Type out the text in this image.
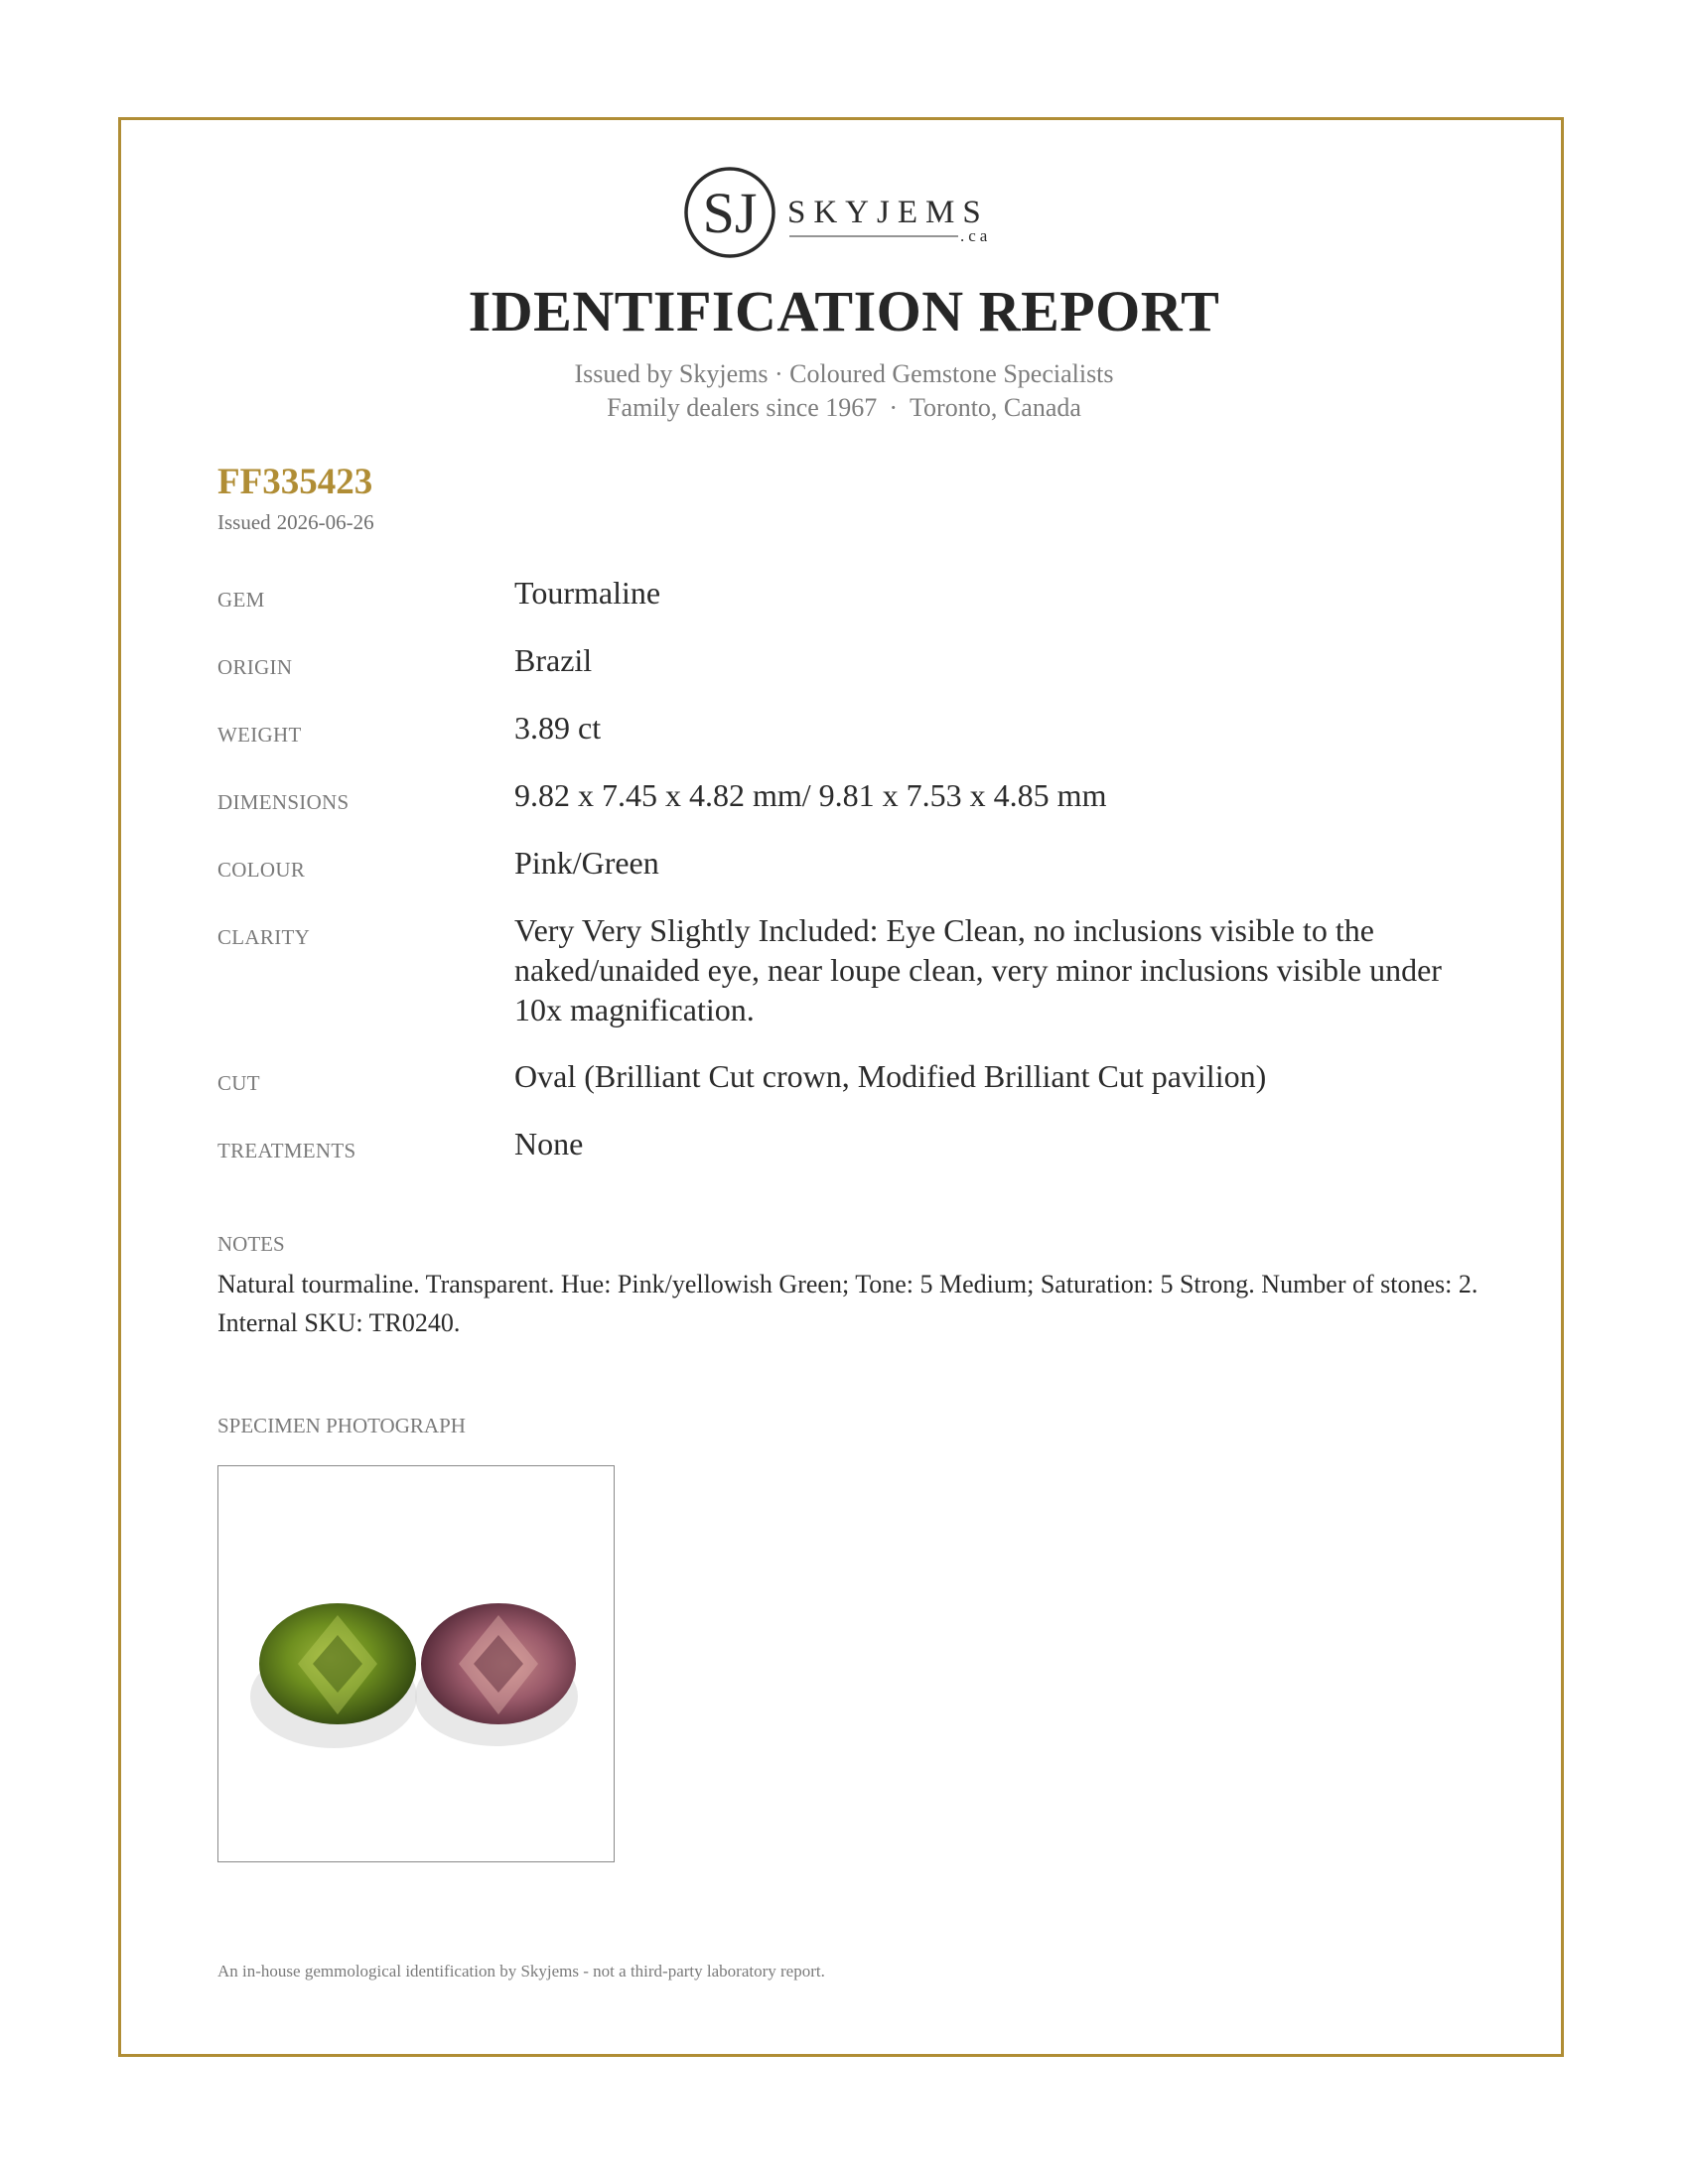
SJ SKYJEMS
.ca
IDENTIFICATION REPORT
Issued by Skyjems · Coloured Gemstone Specialists
Family dealers since 1967 · Toronto, Canada
FF335423
Issued 2026-06-26
GEM	Tourmaline
ORIGIN	Brazil
WEIGHT	3.89 ct
DIMENSIONS	9.82 x 7.45 x 4.82 mm/ 9.81 x 7.53 x 4.85 mm
COLOUR	Pink/Green
CLARITY	Very Very Slightly Included: Eye Clean, no inclusions visible to the naked/unaided eye, near loupe clean, very minor inclusions visible under 10x magnification.
CUT	Oval (Brilliant Cut crown, Modified Brilliant Cut pavilion)
TREATMENTS	None
NOTES
Natural tourmaline. Transparent. Hue: Pink/yellowish Green; Tone: 5 Medium; Saturation: 5 Strong. Number of stones: 2. Internal SKU: TR0240.
SPECIMEN PHOTOGRAPH
An in-house gemmological identification by Skyjems - not a third-party laboratory report.
